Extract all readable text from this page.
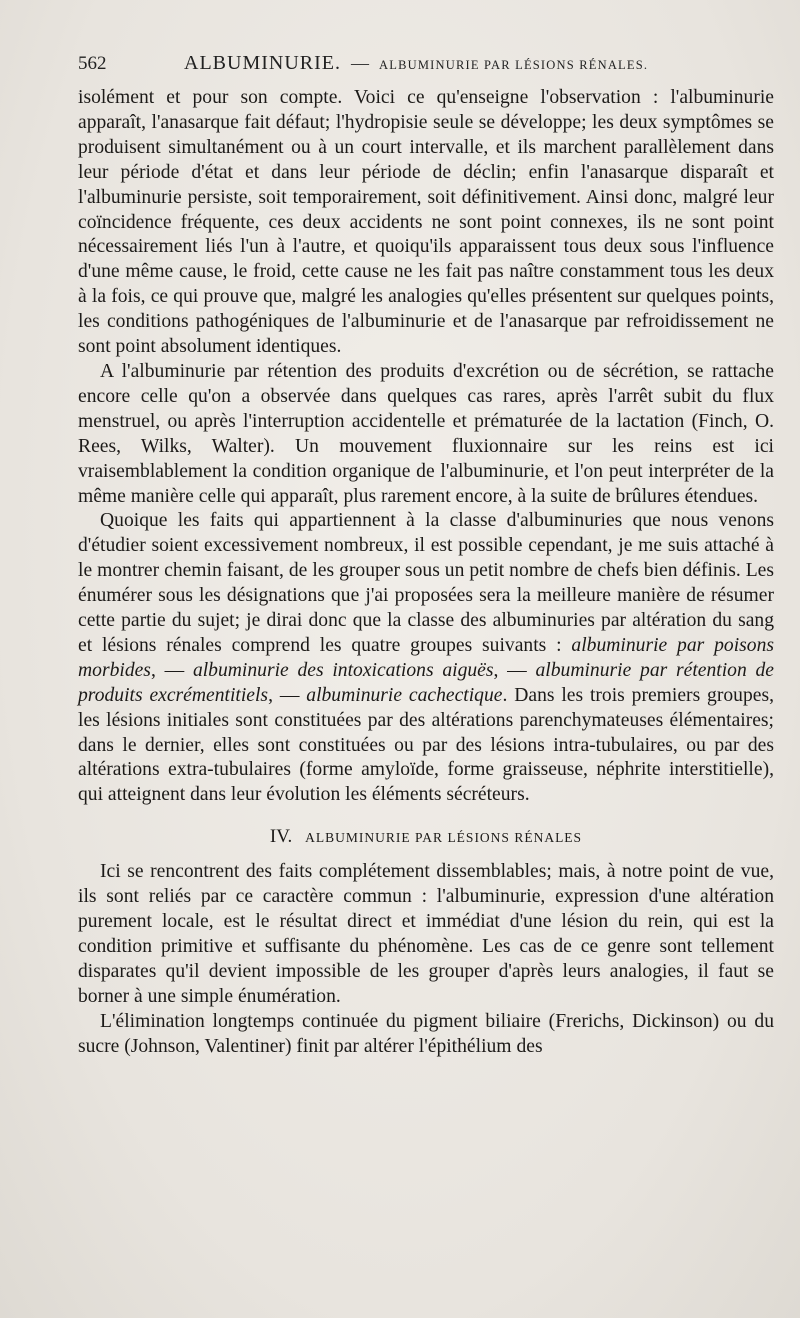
562	ALBUMINURIE. — ALBUMINURIE PAR LÉSIONS RÉNALES.

isolément et pour son compte. Voici ce qu'enseigne l'observation : l'albuminurie apparaît, l'anasarque fait défaut; l'hydropisie seule se développe; les deux symptômes se produisent simultanément ou à un court intervalle, et ils marchent parallèlement dans leur période d'état et dans leur période de déclin; enfin l'anasarque disparaît et l'albuminurie persiste, soit temporairement, soit définitivement. Ainsi donc, malgré leur coïncidence fréquente, ces deux accidents ne sont point connexes, ils ne sont point nécessairement liés l'un à l'autre, et quoiqu'ils apparaissent tous deux sous l'influence d'une même cause, le froid, cette cause ne les fait pas naître constamment tous les deux à la fois, ce qui prouve que, malgré les analogies qu'elles présentent sur quelques points, les conditions pathogéniques de l'albuminurie et de l'anasarque par refroidissement ne sont point absolument identiques.

A l'albuminurie par rétention des produits d'excrétion ou de sécrétion, se rattache encore celle qu'on a observée dans quelques cas rares, après l'arrêt subit du flux menstruel, ou après l'interruption accidentelle et prématurée de la lactation (Finch, O. Rees, Wilks, Walter). Un mouvement fluxionnaire sur les reins est ici vraisemblablement la condition organique de l'albuminurie, et l'on peut interpréter de la même manière celle qui apparaît, plus rarement encore, à la suite de brûlures étendues.

Quoique les faits qui appartiennent à la classe d'albuminuries que nous venons d'étudier soient excessivement nombreux, il est possible cependant, je me suis attaché à le montrer chemin faisant, de les grouper sous un petit nombre de chefs bien définis. Les énumérer sous les désignations que j'ai proposées sera la meilleure manière de résumer cette partie du sujet; je dirai donc que la classe des albuminuries par altération du sang et lésions rénales comprend les quatre groupes suivants : albuminurie par poisons morbides, — albuminurie des intoxications aiguës, — albuminurie par rétention de produits excrémentitiels, — albuminurie cachectique. Dans les trois premiers groupes, les lésions initiales sont constituées par des altérations parenchymateuses élémentaires; dans le dernier, elles sont constituées ou par des lésions intra-tubulaires, ou par des altérations extra-tubulaires (forme amyloïde, forme graisseuse, néphrite interstitielle), qui atteignent dans leur évolution les éléments sécréteurs.

IV. ALBUMINURIE PAR LÉSIONS RÉNALES

Ici se rencontrent des faits complétement dissemblables; mais, à notre point de vue, ils sont reliés par ce caractère commun : l'albuminurie, expression d'une altération purement locale, est le résultat direct et immédiat d'une lésion du rein, qui est la condition primitive et suffisante du phénomène. Les cas de ce genre sont tellement disparates qu'il devient impossible de les grouper d'après leurs analogies, il faut se borner à une simple énumération.

L'élimination longtemps continuée du pigment biliaire (Frerichs, Dickinson) ou du sucre (Johnson, Valentiner) finit par altérer l'épithélium des
